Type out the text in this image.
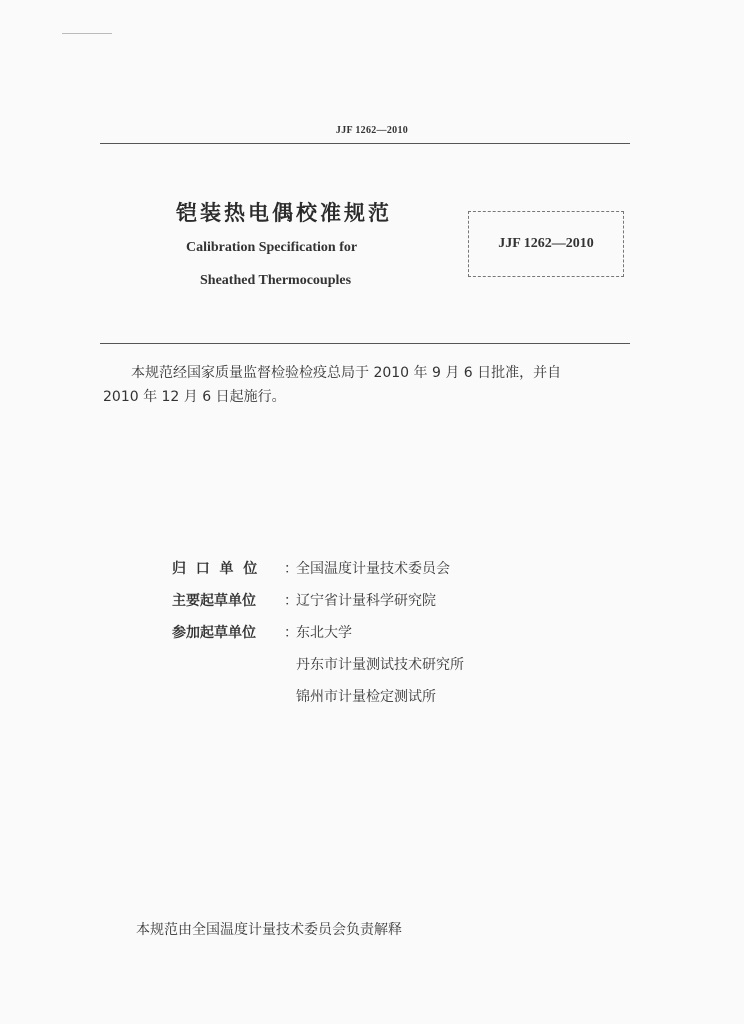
JJF 1262—2010
铠装热电偶校准规范
Calibration Specification for
Sheathed Thermocouples
JJF 1262—2010

本规范经国家质量监督检验检疫总局于 2010 年 9 月 6 日批准，并自

2010 年 12 月 6 日起施行。

归  口  单  位	：
全国温度计量技术委员会
主要起草单位	：
辽宁省计量科学研究院
参加起草单位	：
东北大学
丹东市计量测试技术研究所
锦州市计量检定测试所
本规范由全国温度计量技术委员会负责解释
